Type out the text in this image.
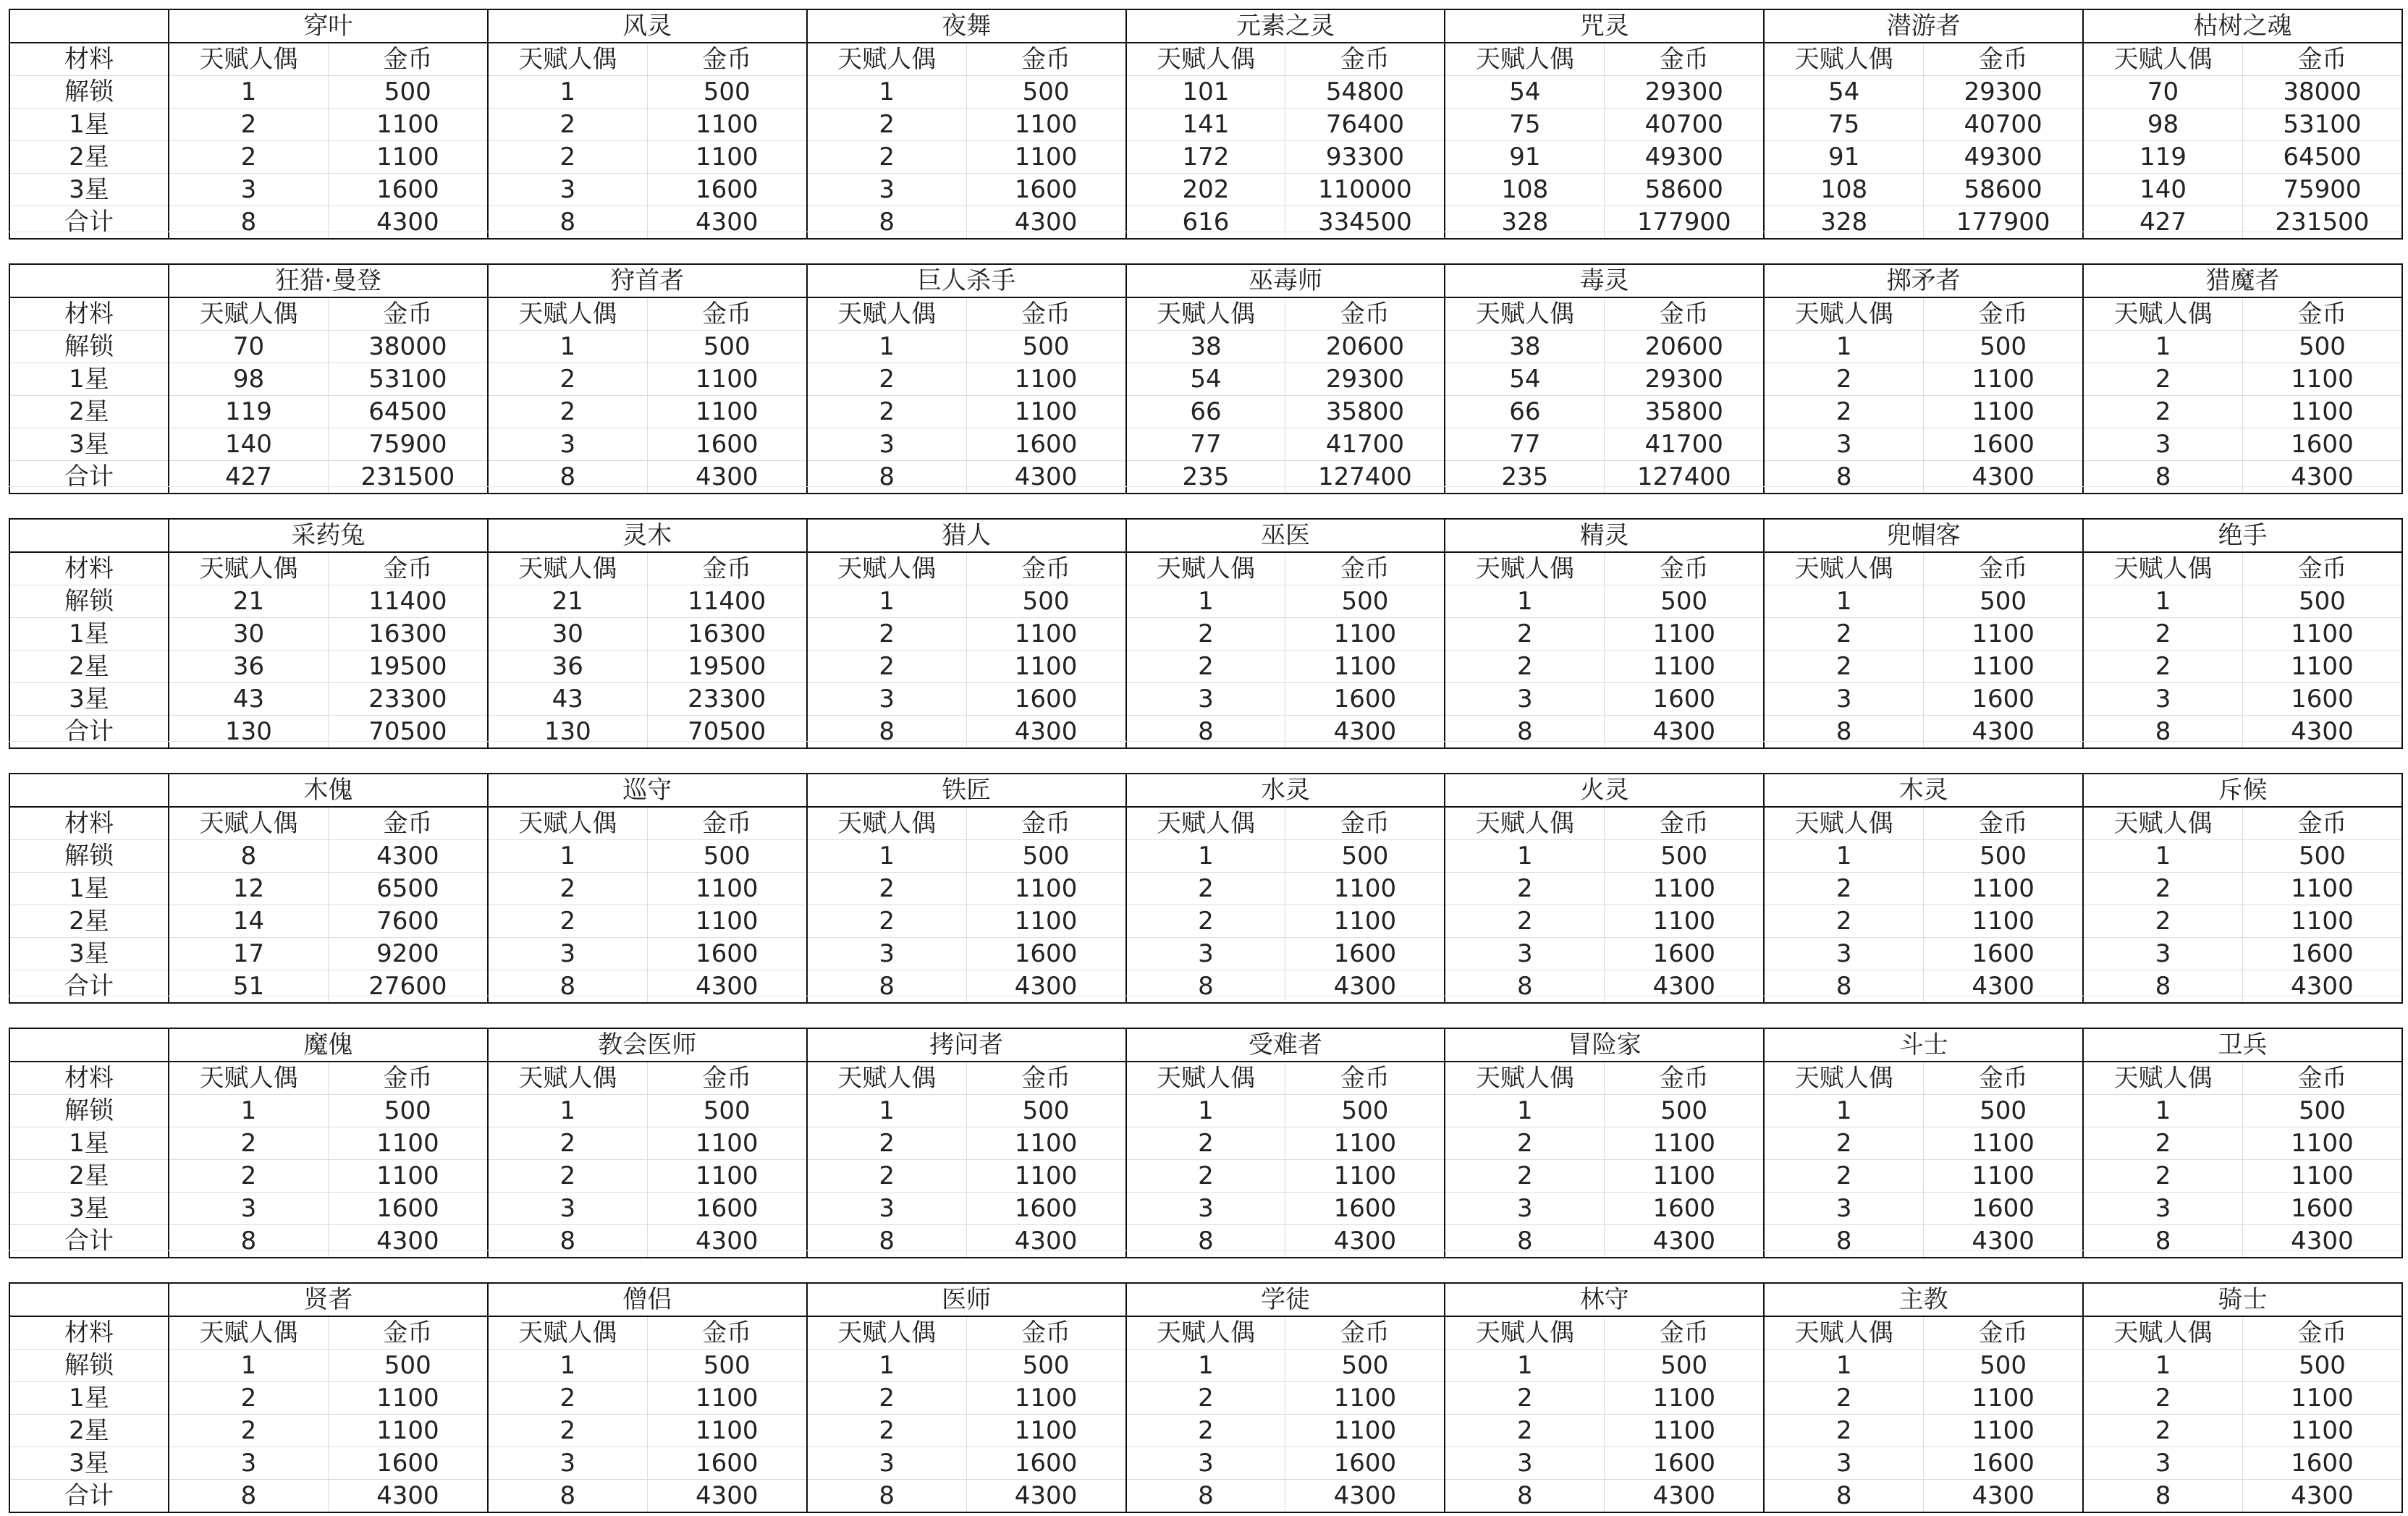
	穿叶		风灵		夜舞		元素之灵		咒灵		潜游者		枯树之魂	
材料	天赋人偶	金币	天赋人偶	金币	天赋人偶	金币	天赋人偶	金币	天赋人偶	金币	天赋人偶	金币	天赋人偶	金币
解锁	1	500	1	500	1	500	101	54800	54	29300	54	29300	70	38000
1星	2	1100	2	1100	2	1100	141	76400	75	40700	75	40700	98	53100
2星	2	1100	2	1100	2	1100	172	93300	91	49300	91	49300	119	64500
3星	3	1600	3	1600	3	1600	202	110000	108	58600	108	58600	140	75900
合计	8	4300	8	4300	8	4300	616	334500	328	177900	328	177900	427	231500
	狂猎·曼登		狩首者		巨人杀手		巫毒师		毒灵		掷矛者		猎魔者	
材料	天赋人偶	金币	天赋人偶	金币	天赋人偶	金币	天赋人偶	金币	天赋人偶	金币	天赋人偶	金币	天赋人偶	金币
解锁	70	38000	1	500	1	500	38	20600	38	20600	1	500	1	500
1星	98	53100	2	1100	2	1100	54	29300	54	29300	2	1100	2	1100
2星	119	64500	2	1100	2	1100	66	35800	66	35800	2	1100	2	1100
3星	140	75900	3	1600	3	1600	77	41700	77	41700	3	1600	3	1600
合计	427	231500	8	4300	8	4300	235	127400	235	127400	8	4300	8	4300
	采药兔		灵木		猎人		巫医		精灵		兜帽客		绝手	
材料	天赋人偶	金币	天赋人偶	金币	天赋人偶	金币	天赋人偶	金币	天赋人偶	金币	天赋人偶	金币	天赋人偶	金币
解锁	21	11400	21	11400	1	500	1	500	1	500	1	500	1	500
1星	30	16300	30	16300	2	1100	2	1100	2	1100	2	1100	2	1100
2星	36	19500	36	19500	2	1100	2	1100	2	1100	2	1100	2	1100
3星	43	23300	43	23300	3	1600	3	1600	3	1600	3	1600	3	1600
合计	130	70500	130	70500	8	4300	8	4300	8	4300	8	4300	8	4300
	木傀		巡守		铁匠		水灵		火灵		木灵		斥候	
材料	天赋人偶	金币	天赋人偶	金币	天赋人偶	金币	天赋人偶	金币	天赋人偶	金币	天赋人偶	金币	天赋人偶	金币
解锁	8	4300	1	500	1	500	1	500	1	500	1	500	1	500
1星	12	6500	2	1100	2	1100	2	1100	2	1100	2	1100	2	1100
2星	14	7600	2	1100	2	1100	2	1100	2	1100	2	1100	2	1100
3星	17	9200	3	1600	3	1600	3	1600	3	1600	3	1600	3	1600
合计	51	27600	8	4300	8	4300	8	4300	8	4300	8	4300	8	4300
	魔傀		教会医师		拷问者		受难者		冒险家		斗士		卫兵	
材料	天赋人偶	金币	天赋人偶	金币	天赋人偶	金币	天赋人偶	金币	天赋人偶	金币	天赋人偶	金币	天赋人偶	金币
解锁	1	500	1	500	1	500	1	500	1	500	1	500	1	500
1星	2	1100	2	1100	2	1100	2	1100	2	1100	2	1100	2	1100
2星	2	1100	2	1100	2	1100	2	1100	2	1100	2	1100	2	1100
3星	3	1600	3	1600	3	1600	3	1600	3	1600	3	1600	3	1600
合计	8	4300	8	4300	8	4300	8	4300	8	4300	8	4300	8	4300
	贤者		僧侣		医师		学徒		林守		主教		骑士	
材料	天赋人偶	金币	天赋人偶	金币	天赋人偶	金币	天赋人偶	金币	天赋人偶	金币	天赋人偶	金币	天赋人偶	金币
解锁	1	500	1	500	1	500	1	500	1	500	1	500	1	500
1星	2	1100	2	1100	2	1100	2	1100	2	1100	2	1100	2	1100
2星	2	1100	2	1100	2	1100	2	1100	2	1100	2	1100	2	1100
3星	3	1600	3	1600	3	1600	3	1600	3	1600	3	1600	3	1600
合计	8	4300	8	4300	8	4300	8	4300	8	4300	8	4300	8	4300
